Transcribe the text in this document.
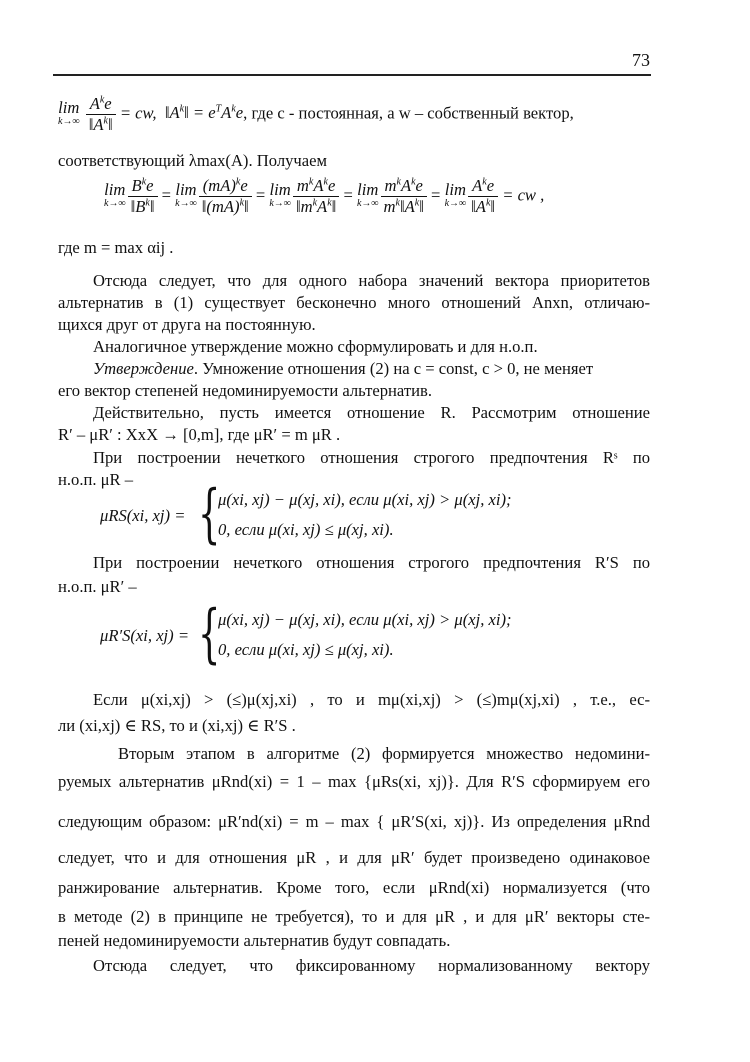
73
lim
k→∞
$\frac{A^ke}{‖A^k‖}$ = cw,  $‖A^k‖ = e^TA^ke$, где c - постоянная, а w – собственный вектор,
соответствующий λmax(A). Получаем
lim
$k\to\infty \frac{B^ke}{‖B^k‖} = \lim$
$k\to\infty \frac{(mA)^ke}{‖(mA)^k‖} = \lim$
$k\to\infty \frac{m^kA^ke}{‖m^kA^k‖} = \lim$
$k\to\infty \frac{m^kA^ke}{m^k‖A^k‖} = \lim$
$k\to\infty \frac{A^ke}{‖A^k‖}$ = cw ,
где m = max αij .
Отсюда следует, что для одного набора значений вектора приоритетов
альтернатив в (1) существует бесконечно много отношений Anxn, отличаю-
щихся друг от друга на постоянную.
Аналогичное утверждение можно сформулировать и для н.о.п.
Утверждение. Умножение отношения (2) на c = const, c > 0, не меняет
его вектор степеней недоминируемости альтернатив.
Действительно, пусть имеется отношение R. Рассмотрим отношение
R′ – μR′ : XxX → [0,m], где μR′ = m μR .
При построении нечеткого отношения строгого предпочтения Rˢ по
н.о.п. μR –
μRS(xi, xj) = {
μ(xi, xj) − μ(xj, xi), если μ(xi, xj) > μ(xj, xi);
0, если μ(xi, xj) ≤ μ(xj, xi).
При построении нечеткого отношения строгого предпочтения R′S по
н.о.п. μR′ –
μR′S(xi, xj) = {
μ(xi, xj) − μ(xj, xi), если μ(xi, xj) > μ(xj, xi);
0, если μ(xi, xj) ≤ μ(xj, xi).
Если μ(xi,xj) > (≤)μ(xj,xi) , то и mμ(xi,xj) > (≤)mμ(xj,xi) , т.е., ес-
ли (xi,xj) ∈ RS, то и (xi,xj) ∈ R′S .
Вторым этапом в алгоритме (2) формируется множество недомини-
руемых альтернатив μRnd(xi) = 1 – max {μRs(xi, xj)}. Для R′S сформируем его
следующим образом: μR′nd(xi) = m – max { μR′S(xi, xj)}. Из определения μRnd
следует, что и для отношения μR , и для μR′ будет произведено одинаковое
ранжирование альтернатив. Кроме того, если μRnd(xi) нормализуется (что
в методе (2) в принципе не требуется), то и для μR , и для μR′ векторы сте-
пеней недоминируемости альтернатив будут совпадать.
Отсюда следует, что фиксированному нормализованному вектору
